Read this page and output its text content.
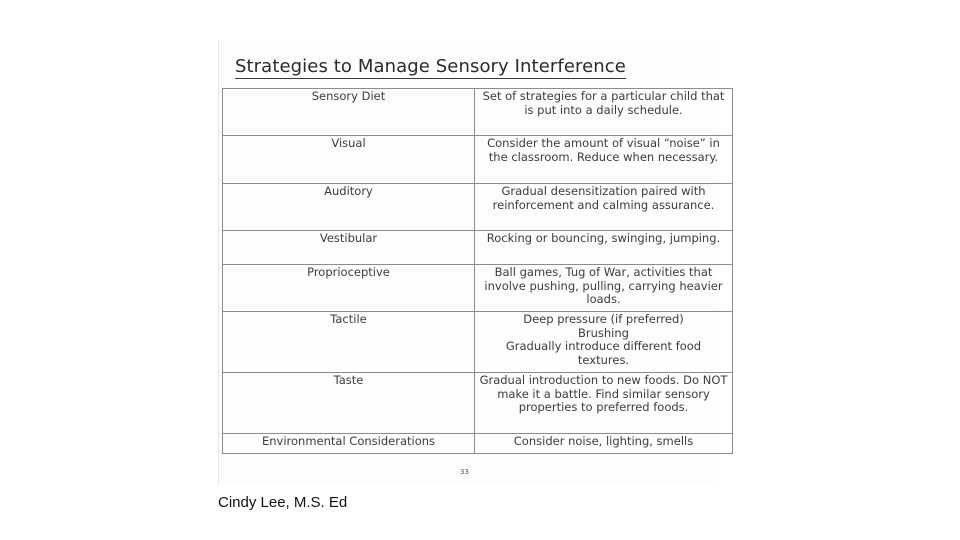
Strategies to Manage Sensory Interference
Sensory Diet	Set of strategies for a particular child that is put into a daily schedule.
Visual	Consider the amount of visual “noise” in the classroom. Reduce when necessary.
Auditory	Gradual desensitization paired with reinforcement and calming assurance.
Vestibular	Rocking or bouncing, swinging, jumping.
Proprioceptive	Ball games, Tug of War, activities that involve pushing, pulling, carrying heavier loads.
Tactile	Deep pressure (if preferred)
Brushing
Gradually introduce different food textures.
Taste	Gradual introduction to new foods. Do NOT make it a battle. Find similar sensory properties to preferred foods.
Environmental Considerations	Consider noise, lighting, smells
33
Cindy Lee, M.S. Ed
